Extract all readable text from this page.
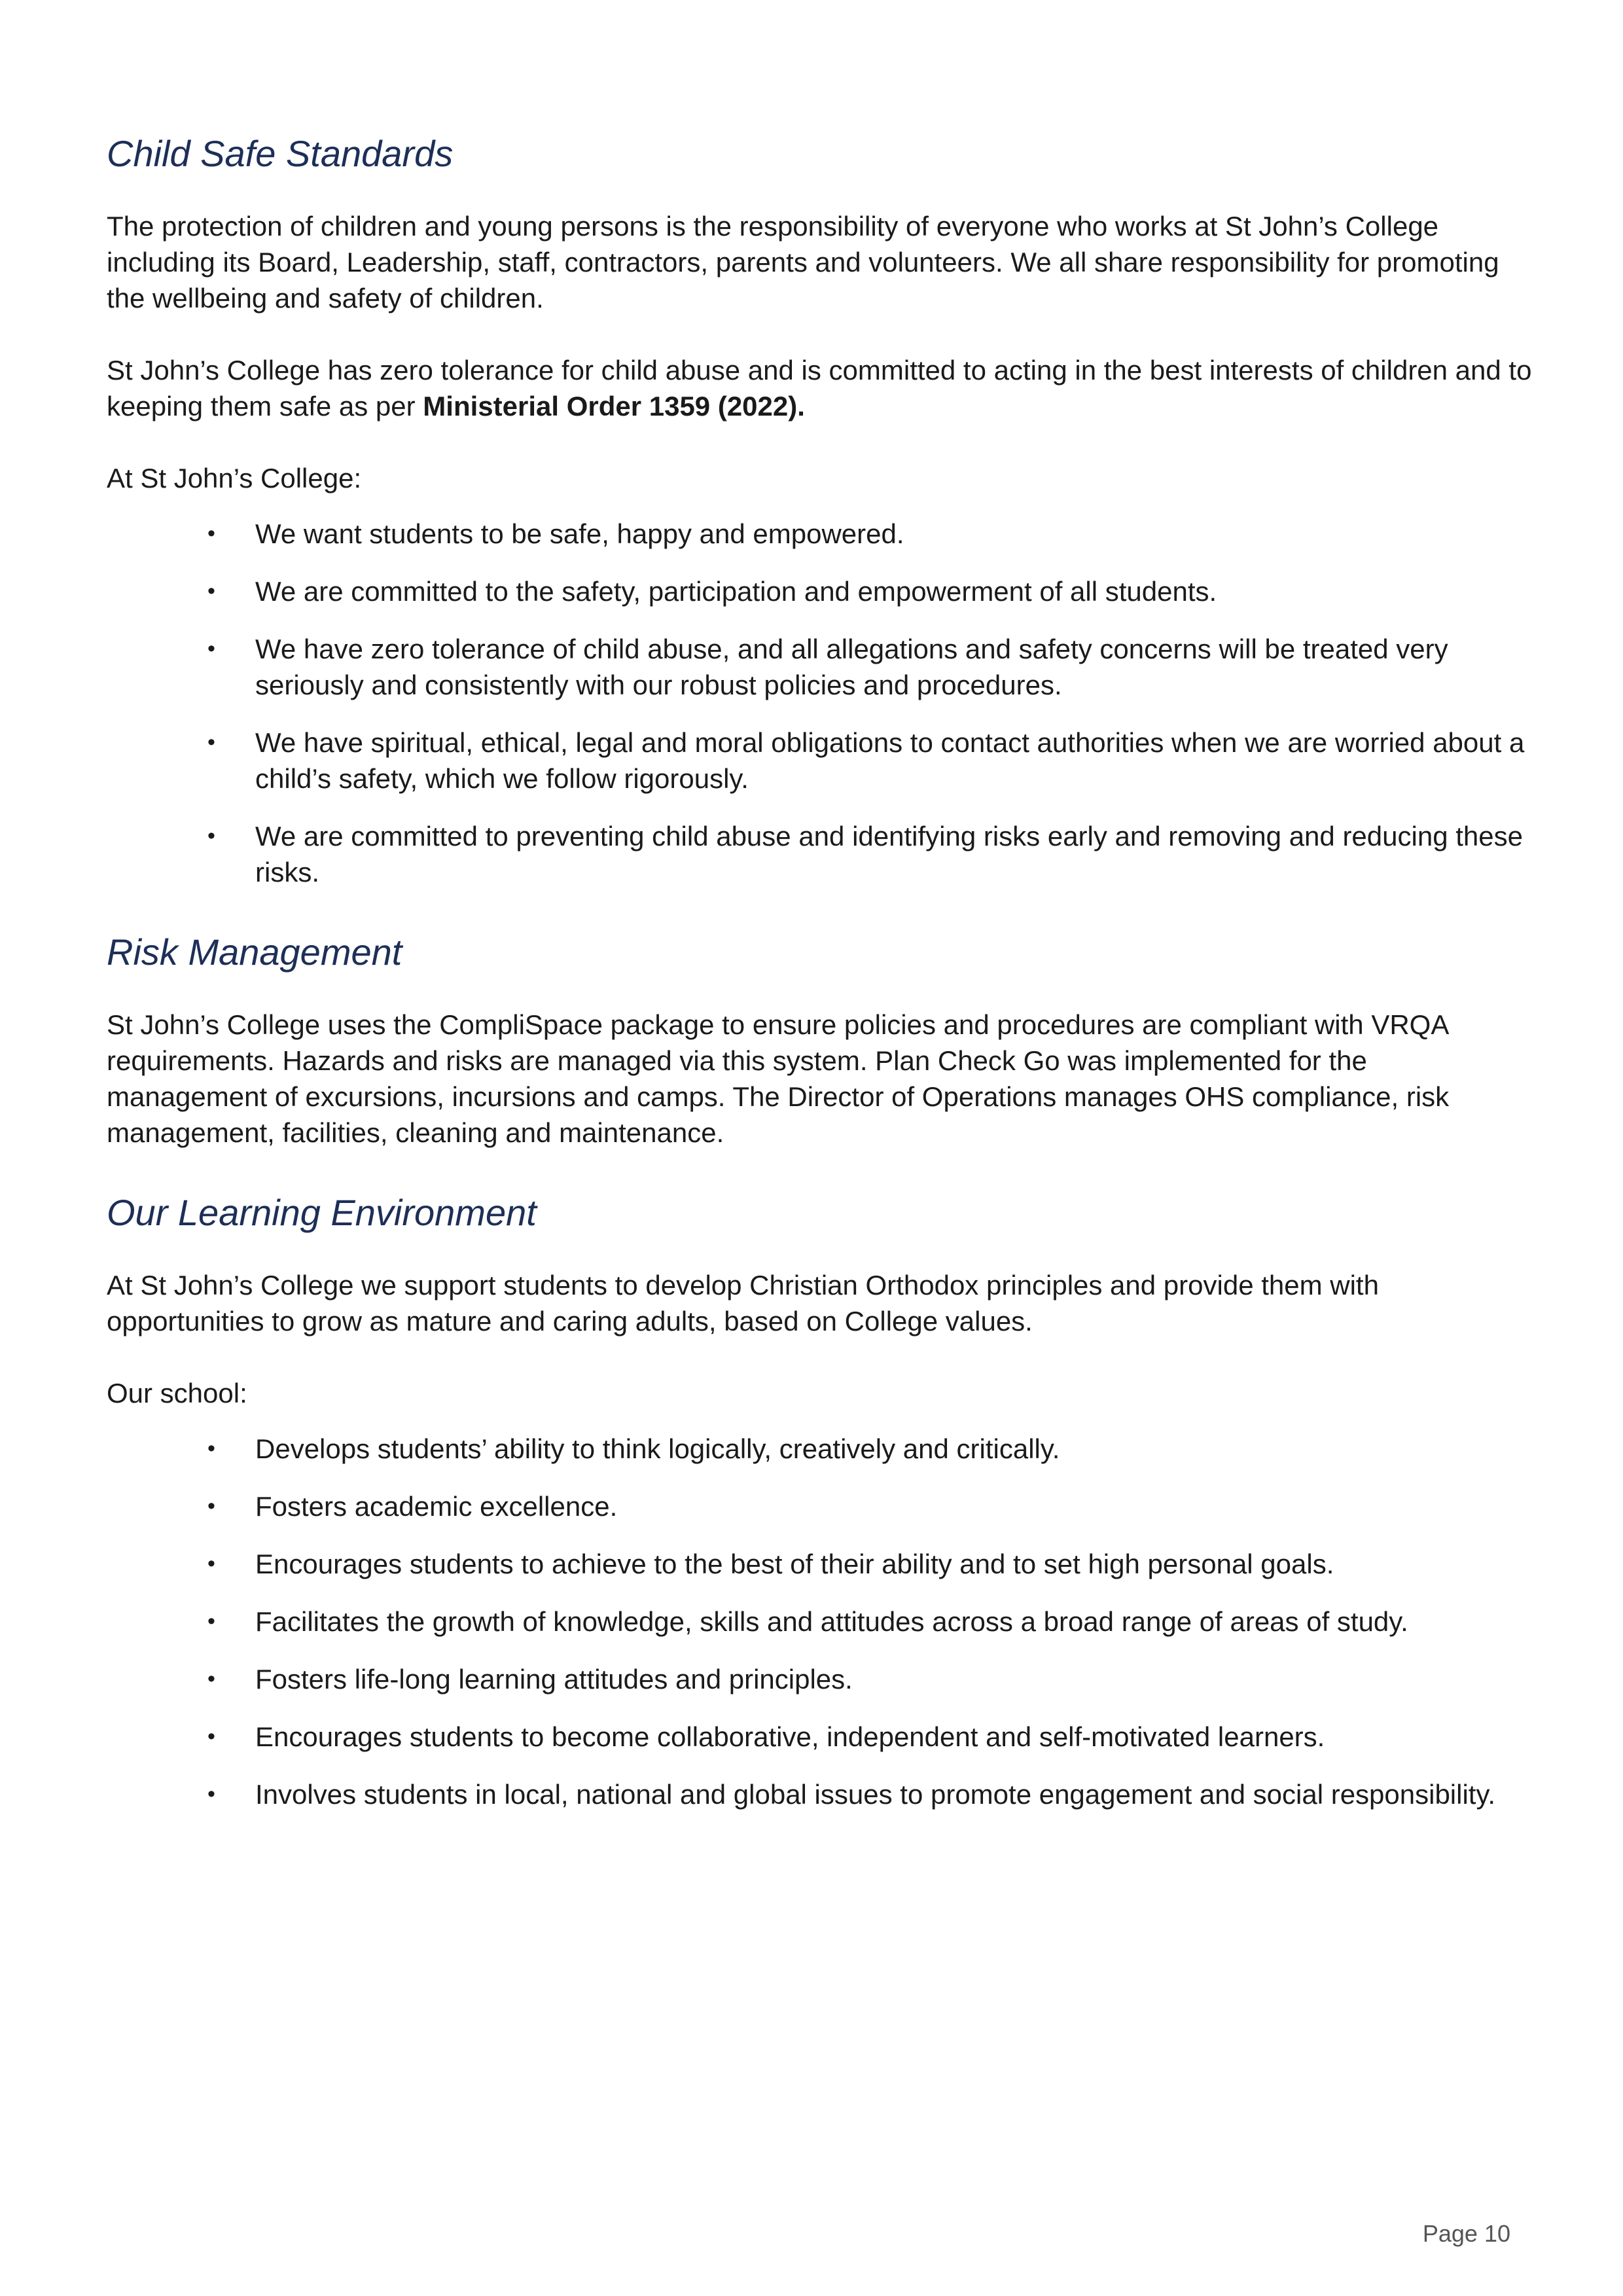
Child Safe Standards

The protection of children and young persons is the responsibility of everyone who works at St John’s College including its Board, Leadership, staff, contractors, parents and volunteers. We all share responsibility for promoting the wellbeing and safety of children.

St John’s College has zero tolerance for child abuse and is committed to acting in the best interests of children and to keeping them safe as per Ministerial Order 1359 (2022).

At St John’s College:

• We want students to be safe, happy and empowered.
• We are committed to the safety, participation and empowerment of all students.
• We have zero tolerance of child abuse, and all allegations and safety concerns will be treated very seriously and consistently with our robust policies and procedures.
• We have spiritual, ethical, legal and moral obligations to contact authorities when we are worried about a child’s safety, which we follow rigorously.
• We are committed to preventing child abuse and identifying risks early and removing and reducing these risks.
Risk Management

St John’s College uses the CompliSpace package to ensure policies and procedures are compliant with VRQA requirements. Hazards and risks are managed via this system. Plan Check Go was implemented for the management of excursions, incursions and camps. The Director of Operations manages OHS compliance, risk management, facilities, cleaning and maintenance.

Our Learning Environment

At St John’s College we support students to develop Christian Orthodox principles and provide them with opportunities to grow as mature and caring adults, based on College values.

Our school:

• Develops students’ ability to think logically, creatively and critically.
• Fosters academic excellence.
• Encourages students to achieve to the best of their ability and to set high personal goals.
• Facilitates the growth of knowledge, skills and attitudes across a broad range of areas of study.
• Fosters life-long learning attitudes and principles.
• Encourages students to become collaborative, independent and self-motivated learners.
• Involves students in local, national and global issues to promote engagement and social responsibility.
Page 10
